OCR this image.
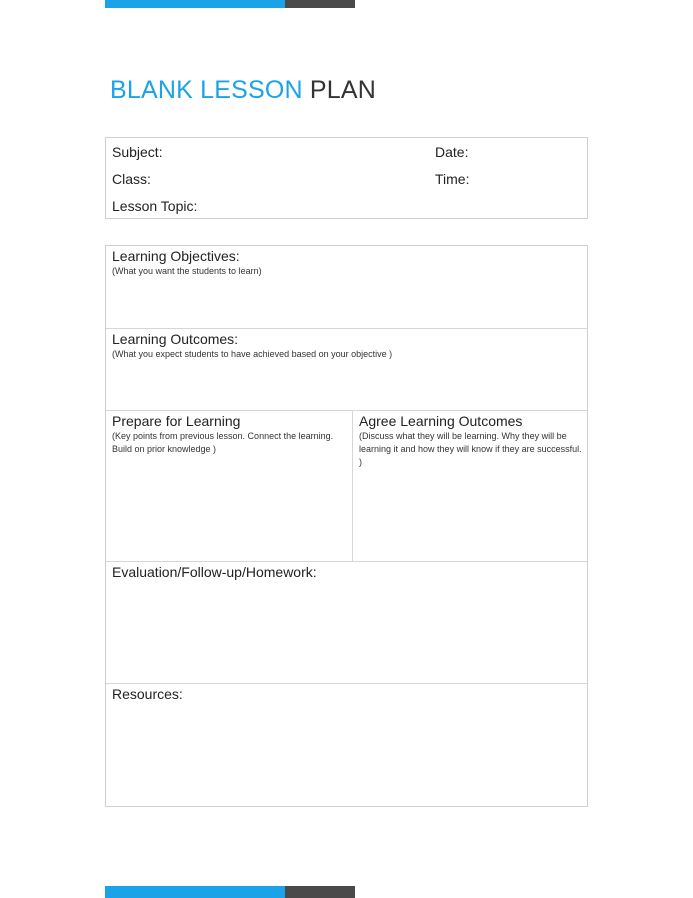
BLANK LESSON PLAN
Subject:	Date:
Class:	Time:
Lesson Topic:
Learning Objectives:
(What you want the students to learn)
Learning Outcomes:
(What you expect students to have achieved based on your objective )
Prepare for Learning
(Key points from previous lesson. Connect the learning. Build on prior knowledge )
Agree Learning Outcomes
(Discuss what they will be learning. Why they will be learning it and how they will know if they are successful. )
Evaluation/Follow-up/Homework:
Resources:
